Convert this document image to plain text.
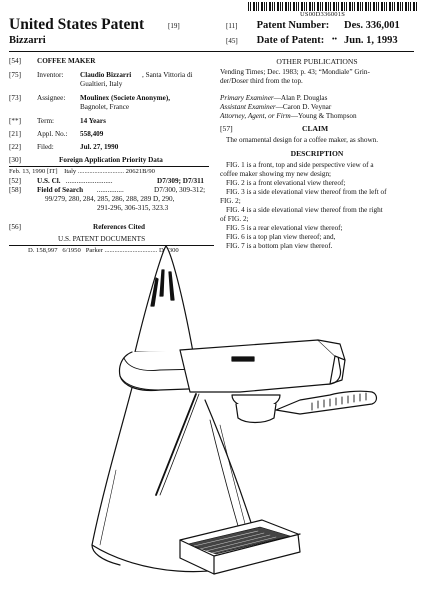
US00D336001S
United States Patent	[19]
Bizzarri
[11] Patent Number: Des. 336,001
[45] Date of Patent: •• Jun. 1, 1993
[54]	COFFEE MAKER
[75]	Inventor: Claudio Bizzarri , Santa Vittoria di
Gualtieri, Italy
[73]	Assignee: Moulinex (Societe Anonyme),
Bagnolet, France
[**]	Term:	14 Years
[21]	Appl. No.: 558,409
[22]	Filed:	Jul. 27, 1990
[30]	Foreign Application Priority Data
Feb. 13, 1990 [IT]    Italy ............................ 20621B/90
[52]	U.S. Cl. ..........................	D7/309; D7/311
[58]	Field of Search ...............	D7/300, 309-312;
99/279, 280, 284, 285, 286, 288, 289 D, 290,
291-296, 306-315, 323.3
[56]	References Cited
U.S. PATENT DOCUMENTS
D. 158,997   6/1950   Parker ................................ D7/300
OTHER PUBLICATIONS
Vending Times; Dec. 1983; p. 43; “Mondiale” Grin-
der/Doser third from the top.
Primary Examiner—Alan P. Douglas
Assistant Examiner—Caron D. Veynar
Attorney, Agent, or Firm—Young & Thompson
[57]	CLAIM
The ornamental design for a coffee maker, as shown.
DESCRIPTION
FIG. 1 is a front, top and side perspective view of a
coffee maker showing my new design;
FIG. 2 is a front elevational view thereof;
FIG. 3 is a side elevational view thereof from the left of
FIG. 2;
FIG. 4 is a side elevational view thereof from the right
of FIG. 2;
FIG. 5 is a rear elevational view thereof;
FIG. 6 is a top plan view thereof; and,
FIG. 7 is a bottom plan view thereof.
